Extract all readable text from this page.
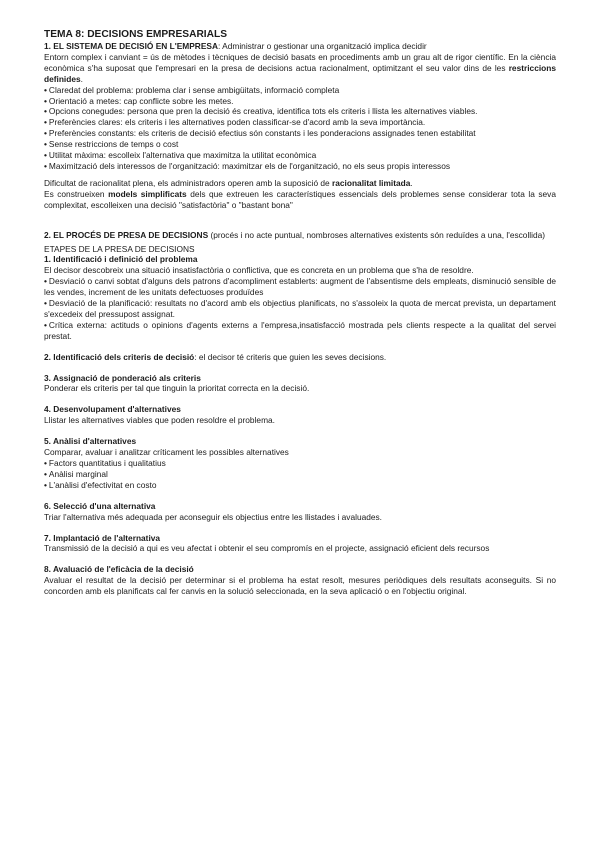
TEMA 8: DECISIONS EMPRESARIALS

1. EL SISTEMA DE DECISIÓ EN L'EMPRESA: Administrar o gestionar una organització implica decidir

Entorn complex i canviant = ús de mètodes i tècniques de decisió basats en procediments amb un grau alt de rigor científic. En la ciència econòmica s'ha suposat que l'empresari en la presa de decisions actua racionalment, optimitzant el seu valor dins de les restriccions definides.

• Claredat del problema: problema clar i sense ambigüitats, informació completa
• Orientació a metes: cap conflicte sobre les metes.
• Opcions conegudes: persona que pren la decisió és creativa, identifica tots els criteris i llista les alternatives viables.
• Preferències clares: els criteris i les alternatives poden classificar-se d'acord amb la seva importància.
• Preferències constants: els criteris de decisió efectius són constants i les ponderacions assignades tenen estabilitat
• Sense restriccions de temps o cost
• Utilitat màxima: escolleix l'alternativa que maximitza la utilitat econòmica
• Maximització dels interessos de l'organització: maximitzar els de l'organització, no els seus propis interessos

Dificultat de racionalitat plena, els administradors operen amb la suposició de racionalitat limitada.

Es construeixen models simplificats dels que extreuen les característiques essencials dels problemes sense considerar tota la seva complexitat, escolleixen una decisió "satisfactòria" o "bastant bona"

2. EL PROCÉS DE PRESA DE DECISIONS (procés i no acte puntual, nombroses alternatives existents són reduïdes a una, l'escollida)

ETAPES DE LA PRESA DE DECISIONS

1. Identificació i definició del problema

El decisor descobreix una situació insatisfactòria o conflictiva, que es concreta en un problema que s'ha de resoldre.

• Desviació o canvi sobtat d'alguns dels patrons d'acompliment establerts: augment de l'absentisme dels empleats, disminució sensible de les vendes, increment de les unitats defectuoses produïdes
• Desviació de la planificació: resultats no d'acord amb els objectius planificats, no s'assoleix la quota de mercat prevista, un departament s'excedeix del pressupost assignat.
• Crítica externa: actituds o opinions d'agents externs a l'empresa,insatisfacció mostrada pels clients respecte a la qualitat del servei prestat.

2. Identificació dels criteris de decisió: el decisor té criteris que guien les seves decisions.

3. Assignació de ponderació als criteris

Ponderar els criteris per tal que tinguin la prioritat correcta en la decisió.

4. Desenvolupament d'alternatives

Llistar les alternatives viables que poden resoldre el problema.

5. Anàlisi d'alternatives

Comparar, avaluar i analitzar críticament les possibles alternatives

• Factors quantitatius i qualitatius
• Anàlisi marginal
• L'anàlisi d'efectivitat en costo

6. Selecció d'una alternativa

Triar l'alternativa més adequada per aconseguir els objectius entre les llistades i avaluades.

7. Implantació de l'alternativa

Transmissió de la decisió a qui es veu afectat i obtenir el seu compromís en el projecte, assignació eficient dels recursos

8. Avaluació de l'eficàcia de la decisió

Avaluar el resultat de la decisió per determinar si el problema ha estat resolt, mesures periòdiques dels resultats aconseguits. Si no concorden amb els planificats cal fer canvis en la solució seleccionada, en la seva aplicació o en l'objectiu original.
